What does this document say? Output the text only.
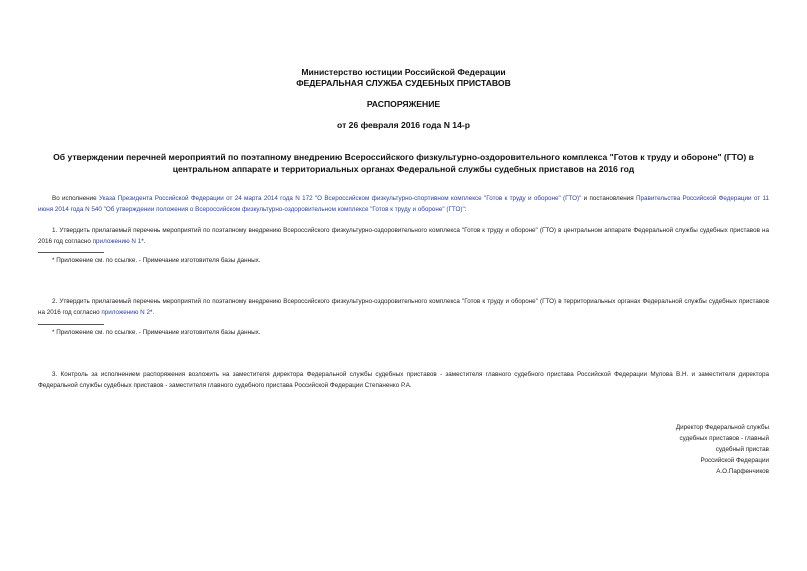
Министерство юстиции Российской Федерации
ФЕДЕРАЛЬНАЯ СЛУЖБА СУДЕБНЫХ ПРИСТАВОВ
РАСПОРЯЖЕНИЕ
от 26 февраля 2016 года N 14-р
Об утверждении перечней мероприятий по поэтапному внедрению Всероссийского физкультурно-оздоровительного комплекса "Готов к труду и обороне" (ГТО) в
центральном аппарате и территориальных органах Федеральной службы судебных приставов на 2016 год
Во исполнение Указа Президента Российской Федерации от 24 марта 2014 года N 172 "О Всероссийском физкультурно-спортивном комплексе "Готов к труду и обороне" (ГТО)" и постановления Правительства Российской Федерации от 11 июня 2014 года N 540 "Об утверждении положения о Всероссийском физкультурно-оздоровительном комплексе "Готов к труду и обороне" (ГТО)":
1. Утвердить прилагаемый перечень мероприятий по поэтапному внедрению Всероссийского физкультурно-оздоровительного комплекса "Готов к труду и обороне" (ГТО) в центральном аппарате Федеральной службы судебных приставов на 2016 год согласно приложению N 1*.
* Приложение см. по ссылке. - Примечание изготовителя базы данных.
2. Утвердить прилагаемый перечень мероприятий по поэтапному внедрению Всероссийского физкультурно-оздоровительного комплекса "Готов к труду и обороне" (ГТО) в территориальных органах Федеральной службы судебных приставов на 2016 год согласно приложению N 2*.
* Приложение см. по ссылке. - Примечание изготовителя базы данных.
3. Контроль за исполнением распоряжения возложить на заместителя директора Федеральной службы судебных приставов - заместителя главного судебного пристава Российской Федерации Мулова В.Н. и заместителя директора Федеральной службы судебных приставов - заместителя главного судебного пристава Российской Федерации Степаненко Р.А.
Директор Федеральной службы
судебных приставов - главный
судебный пристав
Российской Федерации
А.О.Парфенчиков
